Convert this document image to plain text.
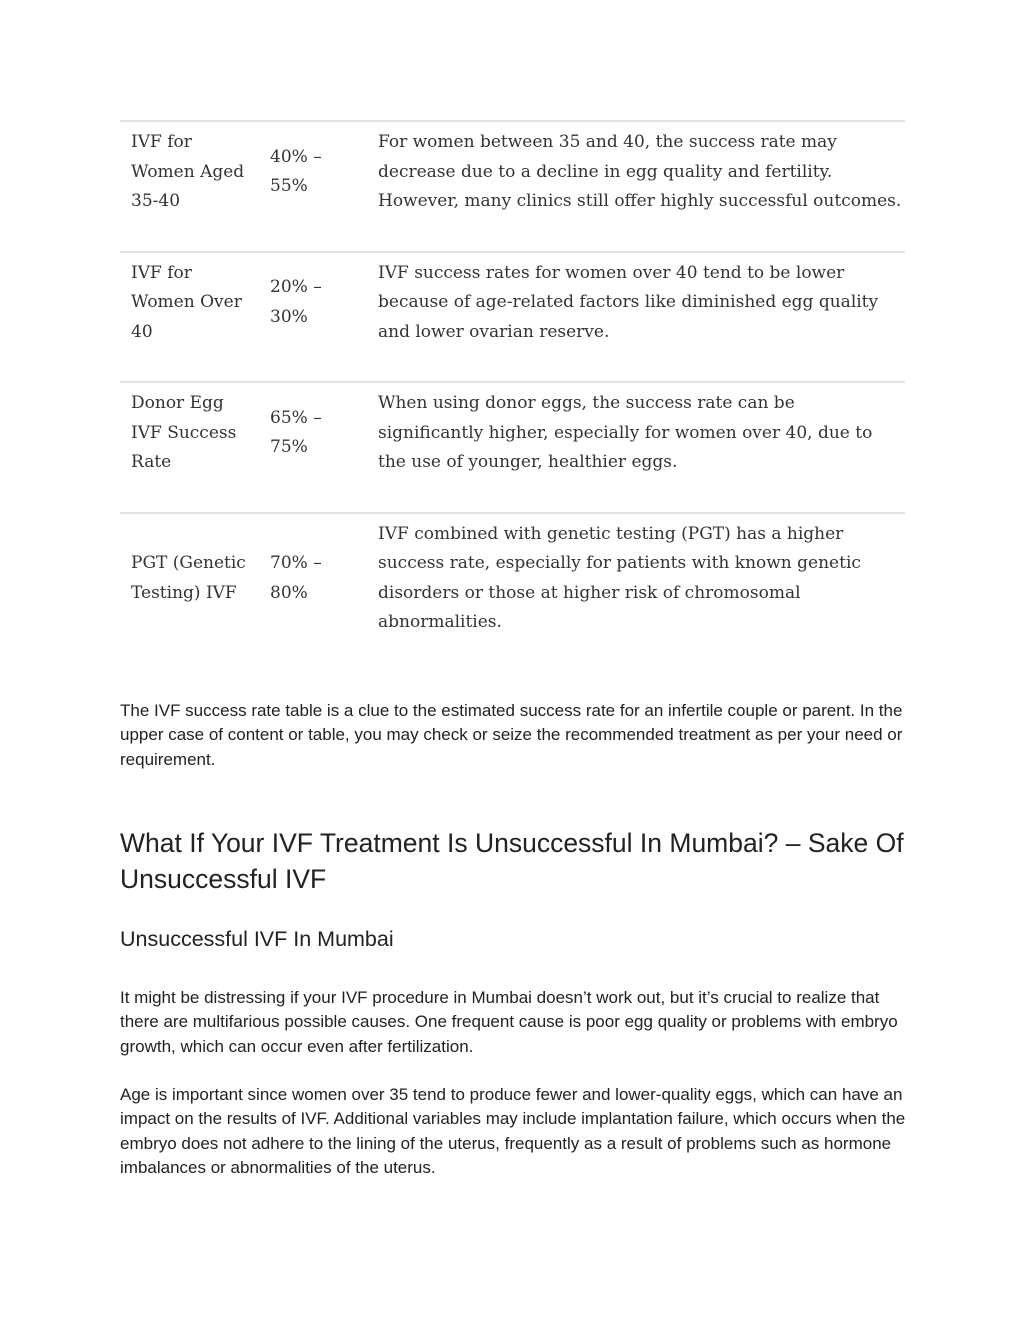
IVF for Women Aged 35-40	40% – 55%	For women between 35 and 40, the success rate may decrease due to a decline in egg quality and fertility. However, many clinics still offer highly successful outcomes.
IVF for Women Over 40	20% – 30%	IVF success rates for women over 40 tend to be lower because of age-related factors like diminished egg quality and lower ovarian reserve.
Donor Egg IVF Success Rate	65% – 75%	When using donor eggs, the success rate can be significantly higher, especially for women over 40, due to the use of younger, healthier eggs.
PGT (Genetic Testing) IVF	70% – 80%	IVF combined with genetic testing (PGT) has a higher success rate, especially for patients with known genetic disorders or those at higher risk of chromosomal abnormalities.

The IVF success rate table is a clue to the estimated success rate for an infertile couple or parent. In the upper case of content or table, you may check or seize the recommended treatment as per your need or requirement.

What If Your IVF Treatment Is Unsuccessful In Mumbai? – Sake Of Unsuccessful IVF
Unsuccessful IVF In Mumbai

It might be distressing if your IVF procedure in Mumbai doesn’t work out, but it’s crucial to realize that there are multifarious possible causes. One frequent cause is poor egg quality or problems with embryo growth, which can occur even after fertilization.

Age is important since women over 35 tend to produce fewer and lower-quality eggs, which can have an impact on the results of IVF. Additional variables may include implantation failure, which occurs when the embryo does not adhere to the lining of the uterus, frequently as a result of problems such as hormone imbalances or abnormalities of the uterus.
